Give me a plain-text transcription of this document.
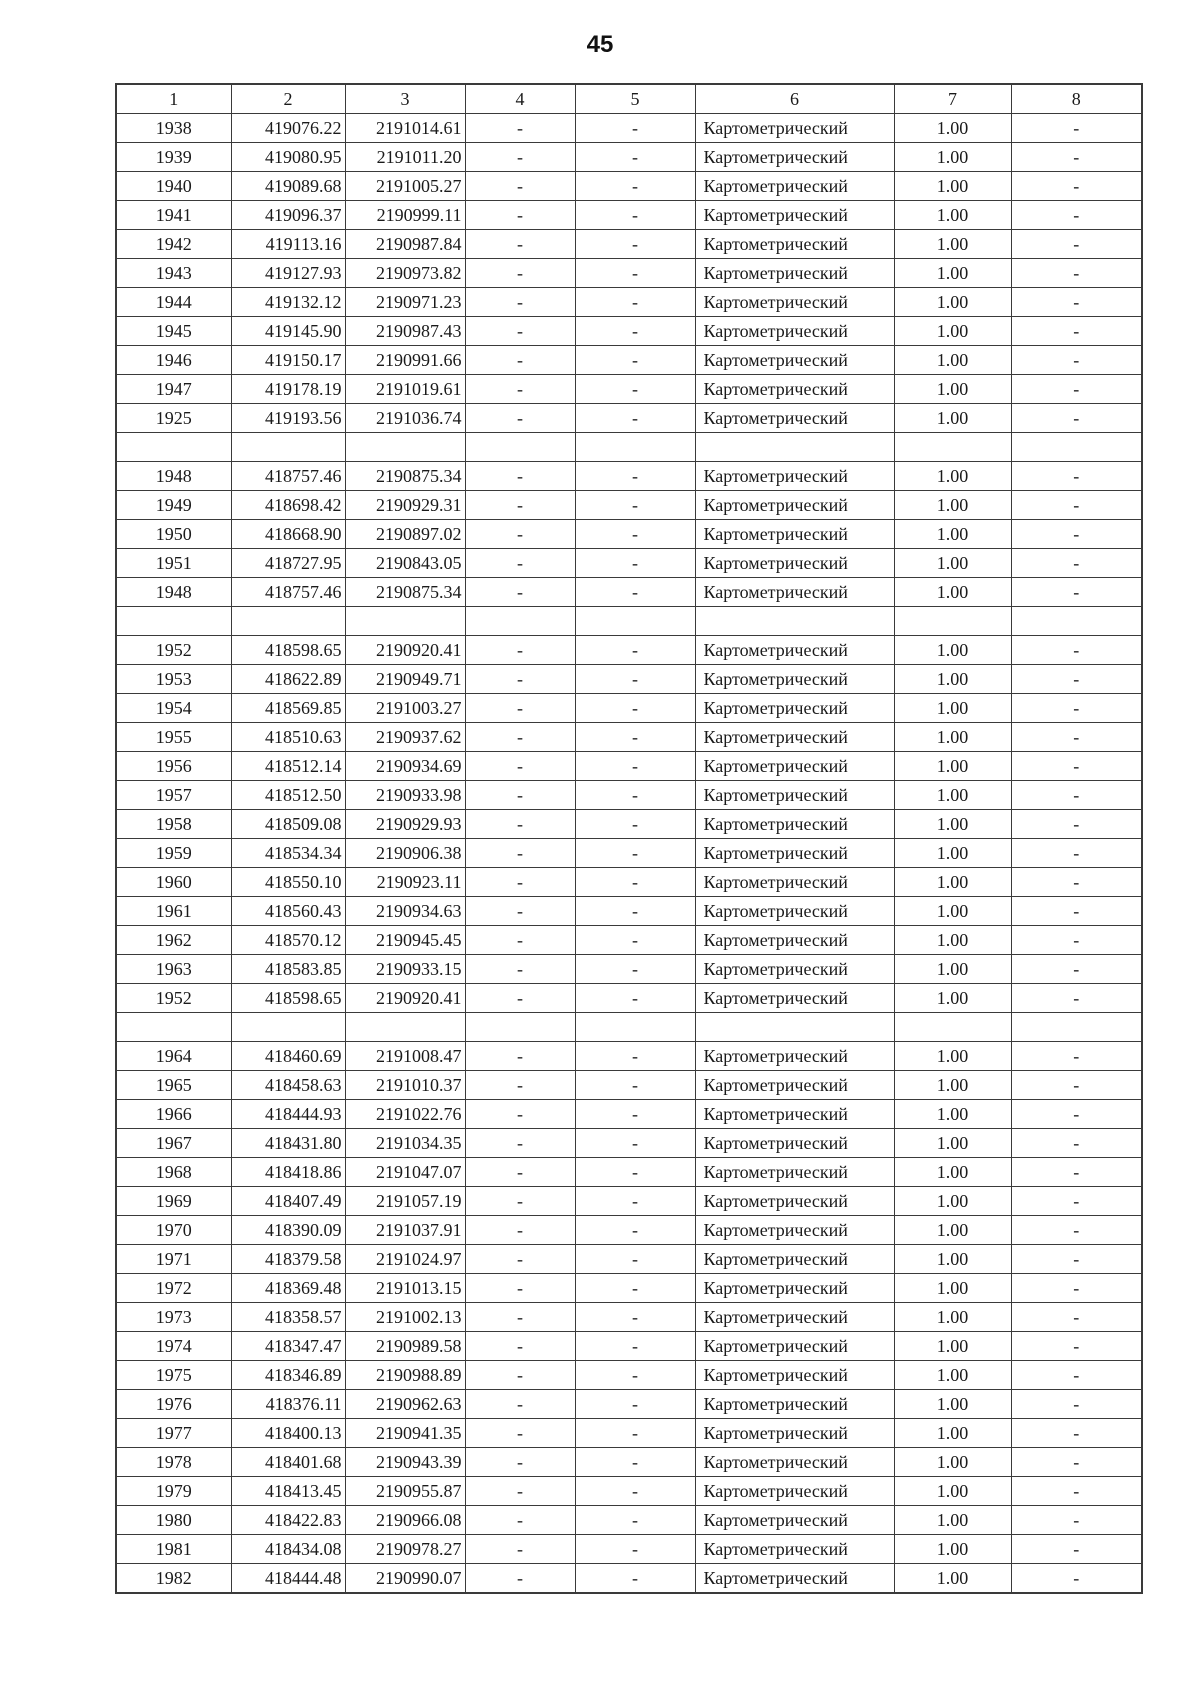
45
1	2	3	4	5	6	7	8
1938	419076.22	2191014.61	-	-	Картометрический	1.00	-
1939	419080.95	2191011.20	-	-	Картометрический	1.00	-
1940	419089.68	2191005.27	-	-	Картометрический	1.00	-
1941	419096.37	2190999.11	-	-	Картометрический	1.00	-
1942	419113.16	2190987.84	-	-	Картометрический	1.00	-
1943	419127.93	2190973.82	-	-	Картометрический	1.00	-
1944	419132.12	2190971.23	-	-	Картометрический	1.00	-
1945	419145.90	2190987.43	-	-	Картометрический	1.00	-
1946	419150.17	2190991.66	-	-	Картометрический	1.00	-
1947	419178.19	2191019.61	-	-	Картометрический	1.00	-
1925	419193.56	2191036.74	-	-	Картометрический	1.00	-

1948	418757.46	2190875.34	-	-	Картометрический	1.00	-
1949	418698.42	2190929.31	-	-	Картометрический	1.00	-
1950	418668.90	2190897.02	-	-	Картометрический	1.00	-
1951	418727.95	2190843.05	-	-	Картометрический	1.00	-
1948	418757.46	2190875.34	-	-	Картометрический	1.00	-

1952	418598.65	2190920.41	-	-	Картометрический	1.00	-
1953	418622.89	2190949.71	-	-	Картометрический	1.00	-
1954	418569.85	2191003.27	-	-	Картометрический	1.00	-
1955	418510.63	2190937.62	-	-	Картометрический	1.00	-
1956	418512.14	2190934.69	-	-	Картометрический	1.00	-
1957	418512.50	2190933.98	-	-	Картометрический	1.00	-
1958	418509.08	2190929.93	-	-	Картометрический	1.00	-
1959	418534.34	2190906.38	-	-	Картометрический	1.00	-
1960	418550.10	2190923.11	-	-	Картометрический	1.00	-
1961	418560.43	2190934.63	-	-	Картометрический	1.00	-
1962	418570.12	2190945.45	-	-	Картометрический	1.00	-
1963	418583.85	2190933.15	-	-	Картометрический	1.00	-
1952	418598.65	2190920.41	-	-	Картометрический	1.00	-

1964	418460.69	2191008.47	-	-	Картометрический	1.00	-
1965	418458.63	2191010.37	-	-	Картометрический	1.00	-
1966	418444.93	2191022.76	-	-	Картометрический	1.00	-
1967	418431.80	2191034.35	-	-	Картометрический	1.00	-
1968	418418.86	2191047.07	-	-	Картометрический	1.00	-
1969	418407.49	2191057.19	-	-	Картометрический	1.00	-
1970	418390.09	2191037.91	-	-	Картометрический	1.00	-
1971	418379.58	2191024.97	-	-	Картометрический	1.00	-
1972	418369.48	2191013.15	-	-	Картометрический	1.00	-
1973	418358.57	2191002.13	-	-	Картометрический	1.00	-
1974	418347.47	2190989.58	-	-	Картометрический	1.00	-
1975	418346.89	2190988.89	-	-	Картометрический	1.00	-
1976	418376.11	2190962.63	-	-	Картометрический	1.00	-
1977	418400.13	2190941.35	-	-	Картометрический	1.00	-
1978	418401.68	2190943.39	-	-	Картометрический	1.00	-
1979	418413.45	2190955.87	-	-	Картометрический	1.00	-
1980	418422.83	2190966.08	-	-	Картометрический	1.00	-
1981	418434.08	2190978.27	-	-	Картометрический	1.00	-
1982	418444.48	2190990.07	-	-	Картометрический	1.00	-
